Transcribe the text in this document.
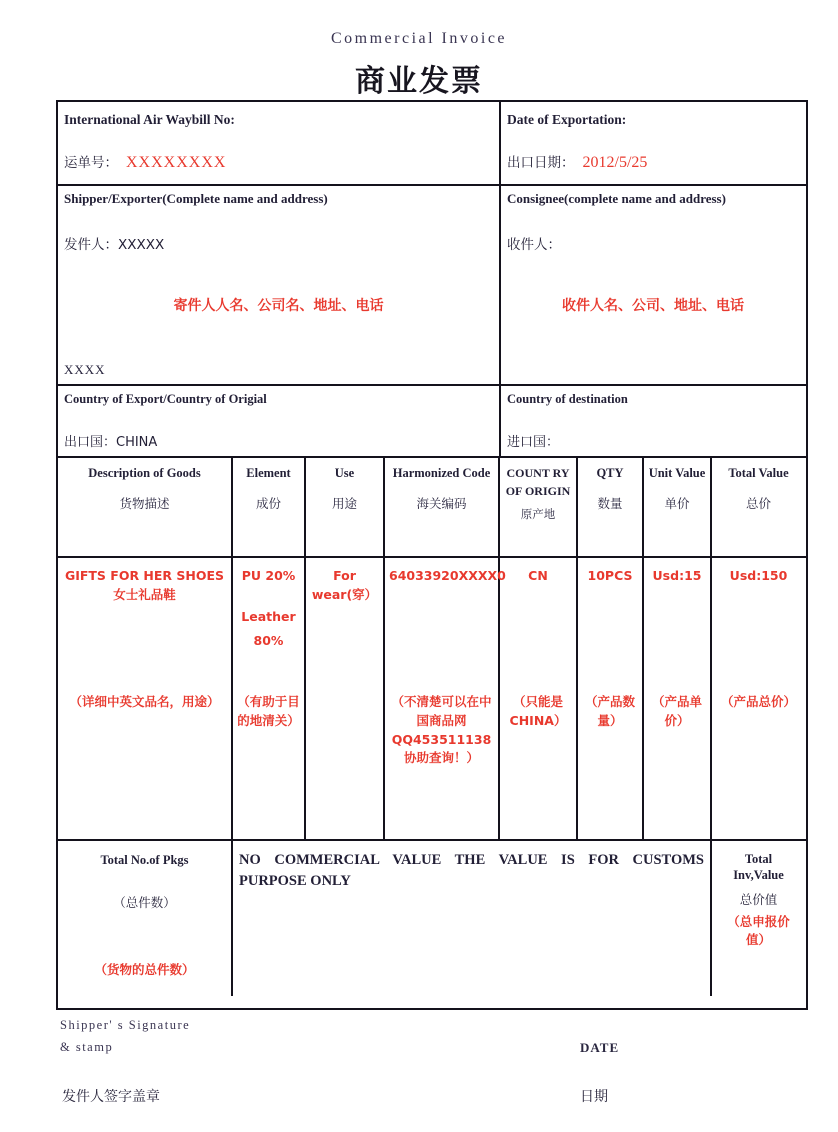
Commercial Invoice
商业发票
International Air Waybill No:
运单号： XXXXXXXX
Date of Exportation:
出口日期： 2012/5/25
Shipper/Exporter(Complete name and address)
发件人：XXXXX
寄件人人名、公司名、地址、电话
XXXX
Consignee(complete name and address)
收件人：
收件人名、公司、地址、电话
Country of Export/Country of Origial
出口国：CHINA
Country of destination
进口国：
Description of Goods
货物描述
Element
成份
Use
用途
Harmonized Code
海关编码
COUNT RY OF ORIGIN
原产地
QTY
数量
Unit Value
单价
Total Value
总价
GIFTS FOR HER SHOES 女士礼品鞋
（详细中英文品名，用途）
PU 20%
Leather
80%
（有助于目的地清关）
For wear(穿）
64033920XXXX0
（不清楚可以在中国商品网QQ453511138协助查询！）
CN
（只能是CHINA）
10PCS
（产品数量）
Usd:15
（产品单价）
Usd:150
（产品总价）
Total No.of Pkgs
（总件数）
（货物的总件数）
NO COMMERCIAL VALUE THE VALUE IS FOR CUSTOMS
PURPOSE ONLY
Total
Inv,Value
总价值
（总申报价值）
Shipper' s Signature
& stamp
发件人签字盖章
DATE
日期
